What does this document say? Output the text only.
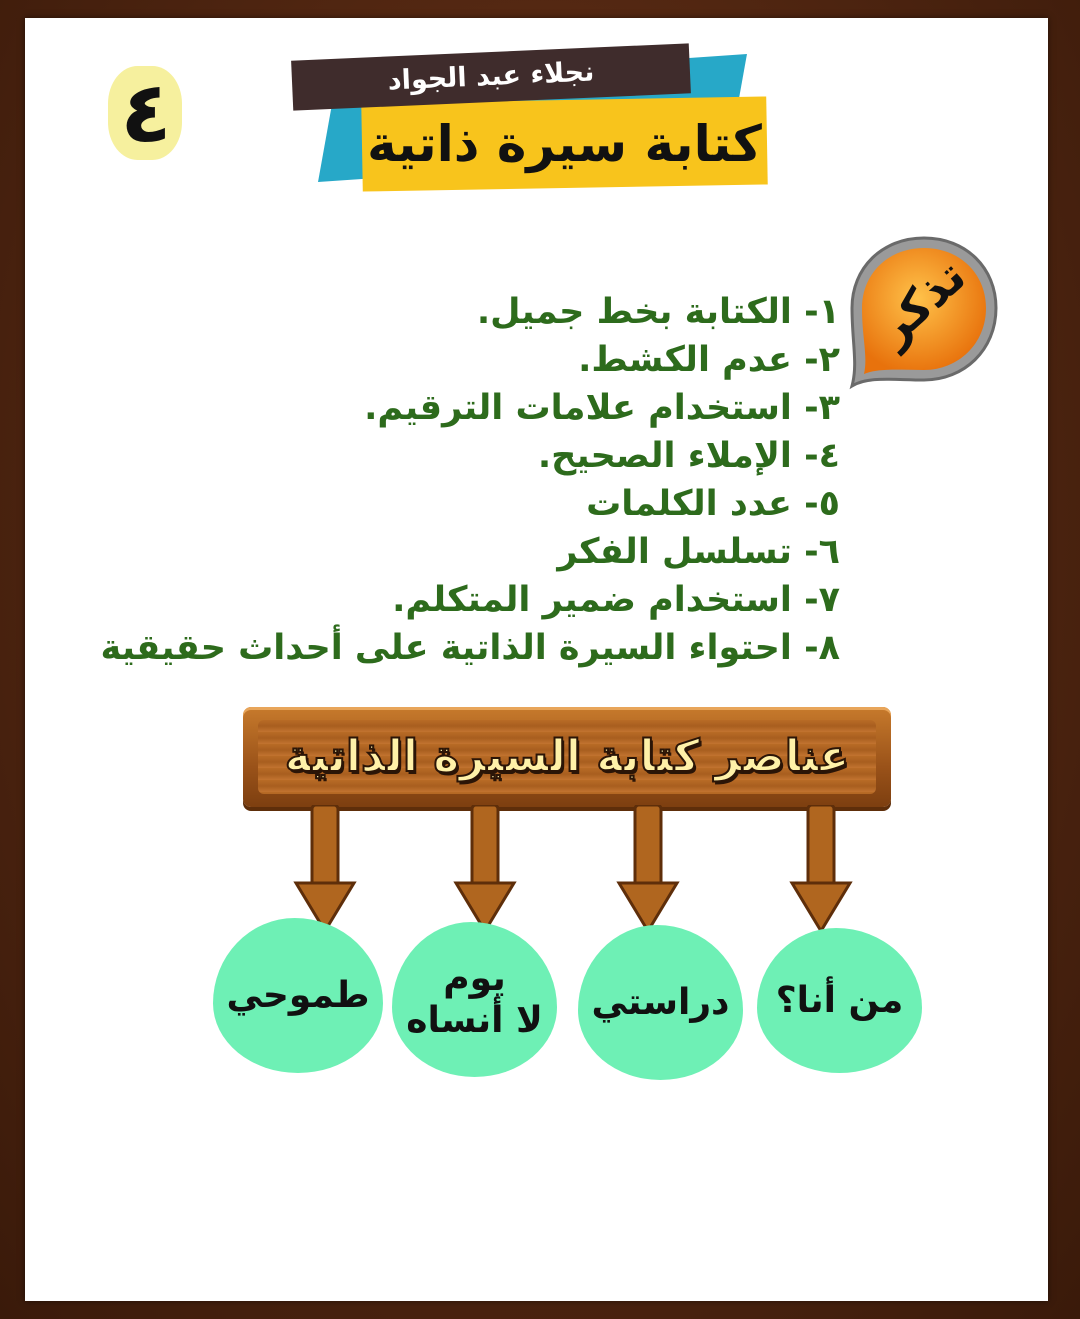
٤	نجلاء عبد الجواد
كتابة سيرة ذاتية
تذكر
١- الكتابة بخط جميل.
٢- عدم الكشط.
٣- استخدام علامات الترقيم.
٤- الإملاء الصحيح.
٥- عدد الكلمات
٦- تسلسل الفكر
٧- استخدام ضمير المتكلم.
٨- احتواء السيرة الذاتية على أحداث حقيقية
عناصر كتابة السيرة الذاتية
من أنا؟
دراستي
يوم
لا أنساه
طموحي
